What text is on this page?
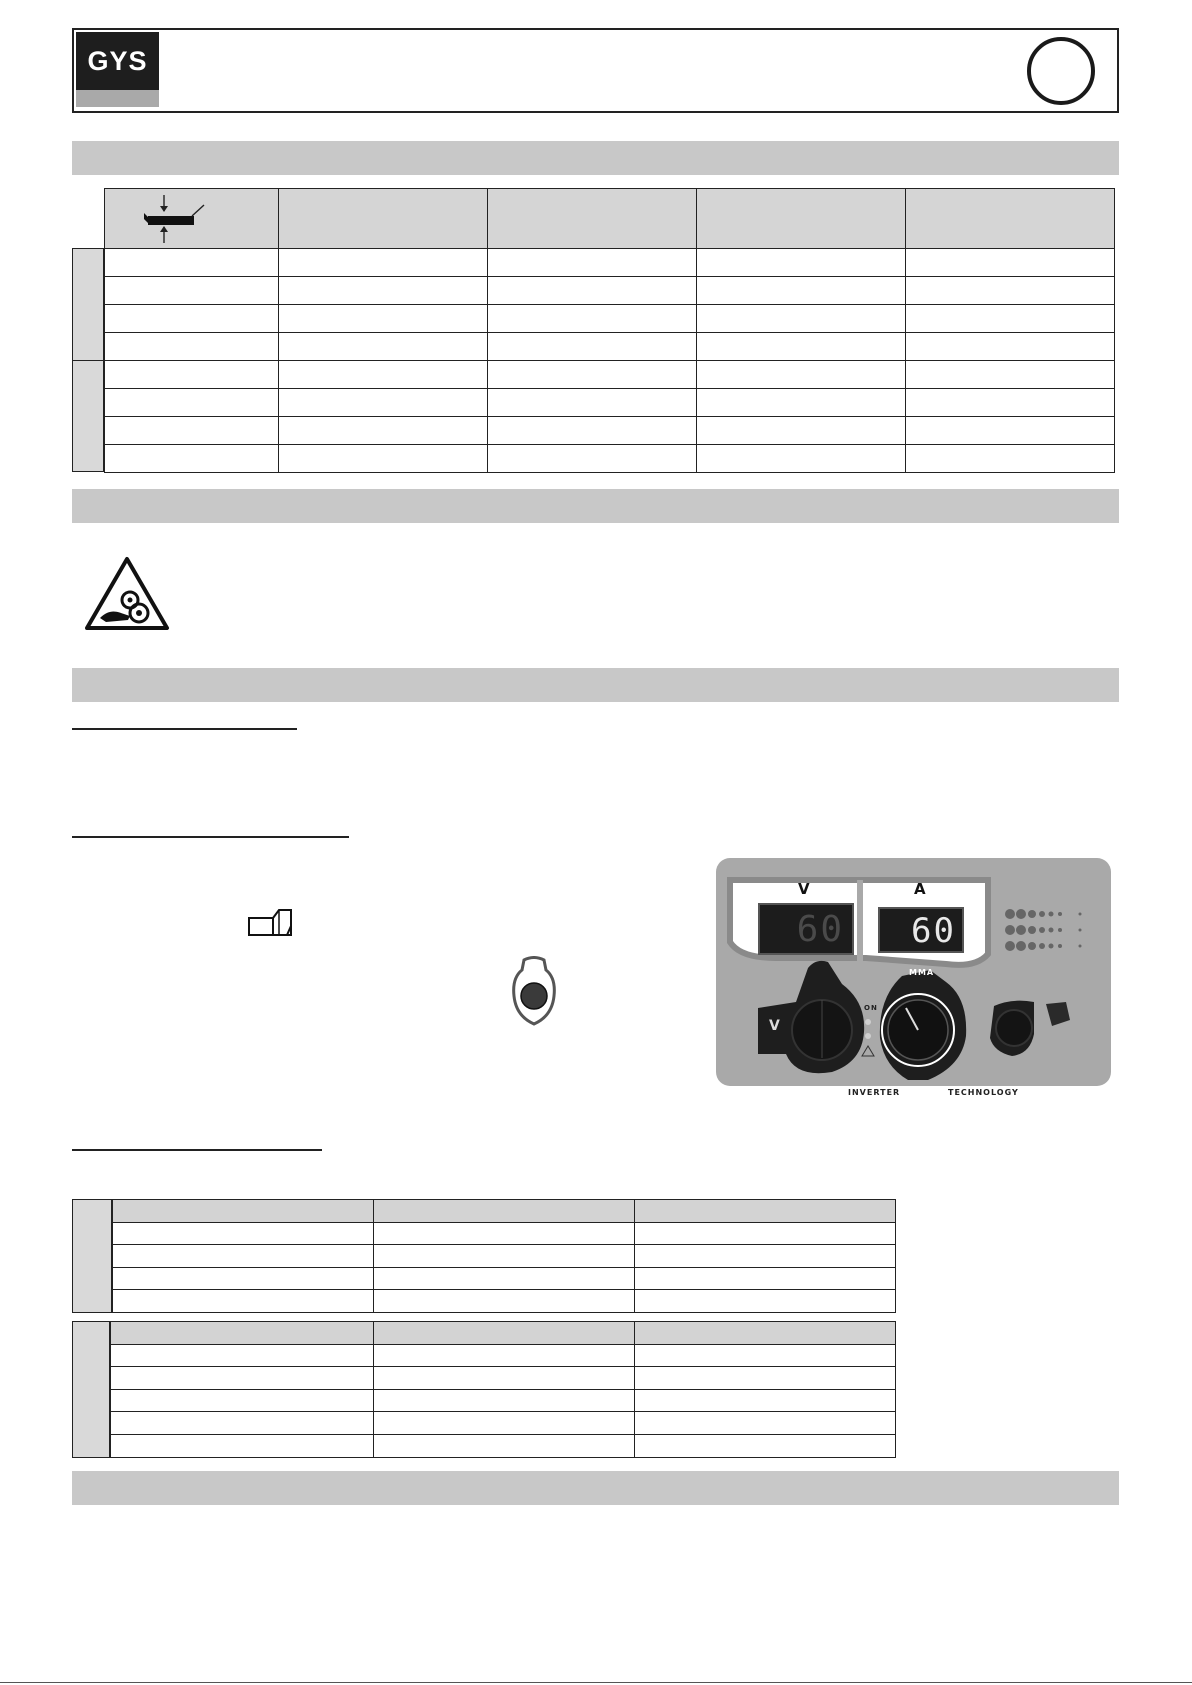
GYS
V	A
60 60
V
MMA
ON
INVERTER	TECHNOLOGY
